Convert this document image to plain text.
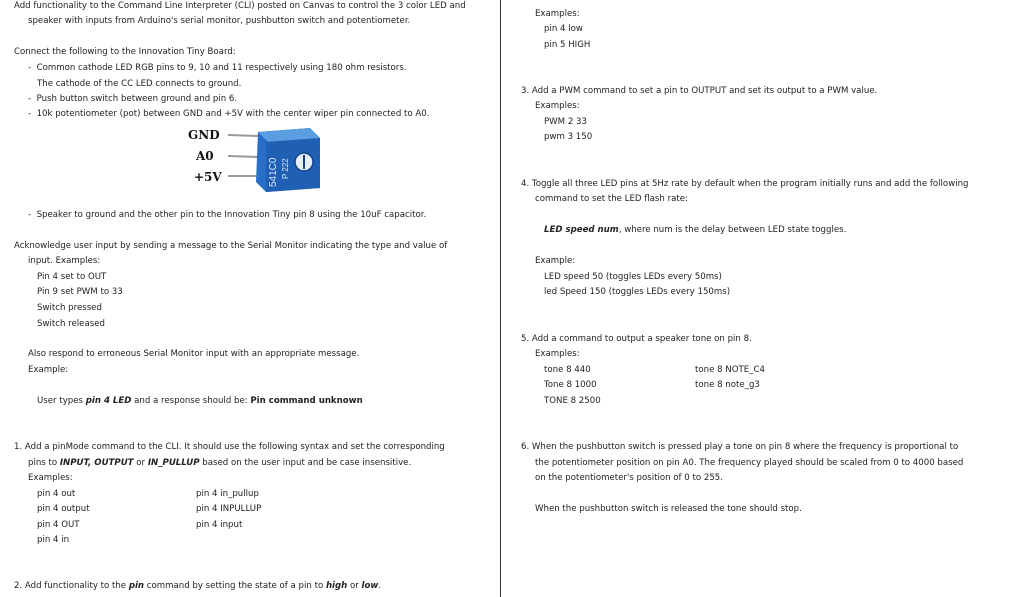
Add functionality to the Command Line Interpreter (CLI) posted on Canvas to control the 3 color LED and
speaker with inputs from Arduino's serial monitor, pushbutton switch and potentiometer.
Connect the following to the Innovation Tiny Board:
-  Common cathode LED RGB pins to 9, 10 and 11 respectively using 180 ohm resistors.
The cathode of the CC LED connects to ground.
-  Push button switch between ground and pin 6.
-  10k potentiometer (pot) between GND and +5V with the center wiper pin connected to A0.
GND
A0
+5V	541C0 P 222
-  Speaker to ground and the other pin to the Innovation Tiny pin 8 using the 10uF capacitor.
Acknowledge user input by sending a message to the Serial Monitor indicating the type and value of
input. Examples:
Pin 4 set to OUT
Pin 9 set PWM to 33
Switch pressed
Switch released
Also respond to erroneous Serial Monitor input with an appropriate message.
Example:
User types pin 4 LED and a response should be: Pin command unknown
1. Add a pinMode command to the CLI. It should use the following syntax and set the corresponding
pins to INPUT, OUTPUT or IN_PULLUP based on the user input and be case insensitive.
Examples:
pin 4 out
pin 4 output
pin 4 OUT
pin 4 in
pin 4 in_pullup
pin 4 INPULLUP
pin 4 input
2. Add functionality to the pin command by setting the state of a pin to high or low.
Examples:
pin 4 low
pin 5 HIGH
3. Add a PWM command to set a pin to OUTPUT and set its output to a PWM value.
Examples:
PWM 2 33
pwm 3 150
4. Toggle all three LED pins at 5Hz rate by default when the program initially runs and add the following
command to set the LED flash rate:
LED speed num, where num is the delay between LED state toggles.
Example:
LED speed 50 (toggles LEDs every 50ms)
led Speed 150 (toggles LEDs every 150ms)
5. Add a command to output a speaker tone on pin 8.
Examples:
tone 8 440
Tone 8 1000
TONE 8 2500
tone 8 NOTE_C4
tone 8 note_g3
6. When the pushbutton switch is pressed play a tone on pin 8 where the frequency is proportional to
the potentiometer position on pin A0. The frequency played should be scaled from 0 to 4000 based
on the potentiometer's position of 0 to 255.
When the pushbutton switch is released the tone should stop.
